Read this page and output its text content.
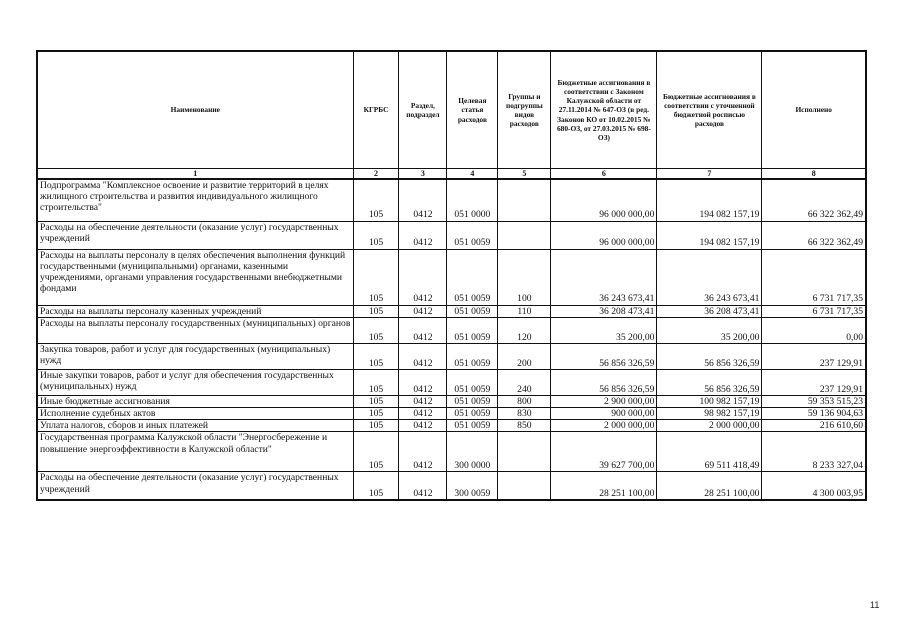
Наименование	КГРБС	Раздел, подраздел	Целевая статья расходов	Группы и подгруппы видов расходов	Бюджетные ассигнования в соответствии с Законом Калужской области от 27.11.2014 № 647-ОЗ (в ред. Законов КО от 10.02.2015 № 680-ОЗ, от 27.03.2015 № 698-ОЗ)	Бюджетные ассигнования в соответствии с уточненной бюджетной росписью расходов	Исполнено
1	2	3	4	5	6	7	8
Подпрограмма "Комплексное освоение и развитие территорий в целях жилищного строительства и развития индивидуального жилищного строительства"	105	0412	051 0000		96 000 000,00	194 082 157,19	66 322 362,49
Расходы на обеспечение деятельности (оказание услуг) государственных учреждений	105	0412	051 0059		96 000 000,00	194 082 157,19	66 322 362,49
Расходы на выплаты персоналу в целях обеспечения выполнения функций государственными (муниципальными) органами, казенными учреждениями, органами управления государственными внебюджетными фондами	105	0412	051 0059	100	36 243 673,41	36 243 673,41	6 731 717,35
Расходы на выплаты персоналу казенных учреждений	105	0412	051 0059	110	36 208 473,41	36 208 473,41	6 731 717,35
Расходы на выплаты персоналу государственных (муниципальных) органов	105	0412	051 0059	120	35 200,00	35 200,00	0,00
Закупка товаров, работ и услуг для государственных (муниципальных) нужд	105	0412	051 0059	200	56 856 326,59	56 856 326,59	237 129,91
Иные закупки товаров, работ и услуг для обеспечения государственных (муниципальных) нужд	105	0412	051 0059	240	56 856 326,59	56 856 326,59	237 129,91
Иные бюджетные ассигнования	105	0412	051 0059	800	2 900 000,00	100 982 157,19	59 353 515,23
Исполнение судебных актов	105	0412	051 0059	830	900 000,00	98 982 157,19	59 136 904,63
Уплата налогов, сборов и иных платежей	105	0412	051 0059	850	2 000 000,00	2 000 000,00	216 610,60
Государственная программа Калужской области "Энергосбережение и повышение энергоэффективности в Калужской области"	105	0412	300 0000		39 627 700,00	69 511 418,49	8 233 327,04
Расходы на обеспечение деятельности (оказание услуг) государственных учреждений	105	0412	300 0059		28 251 100,00	28 251 100,00	4 300 003,95
11
